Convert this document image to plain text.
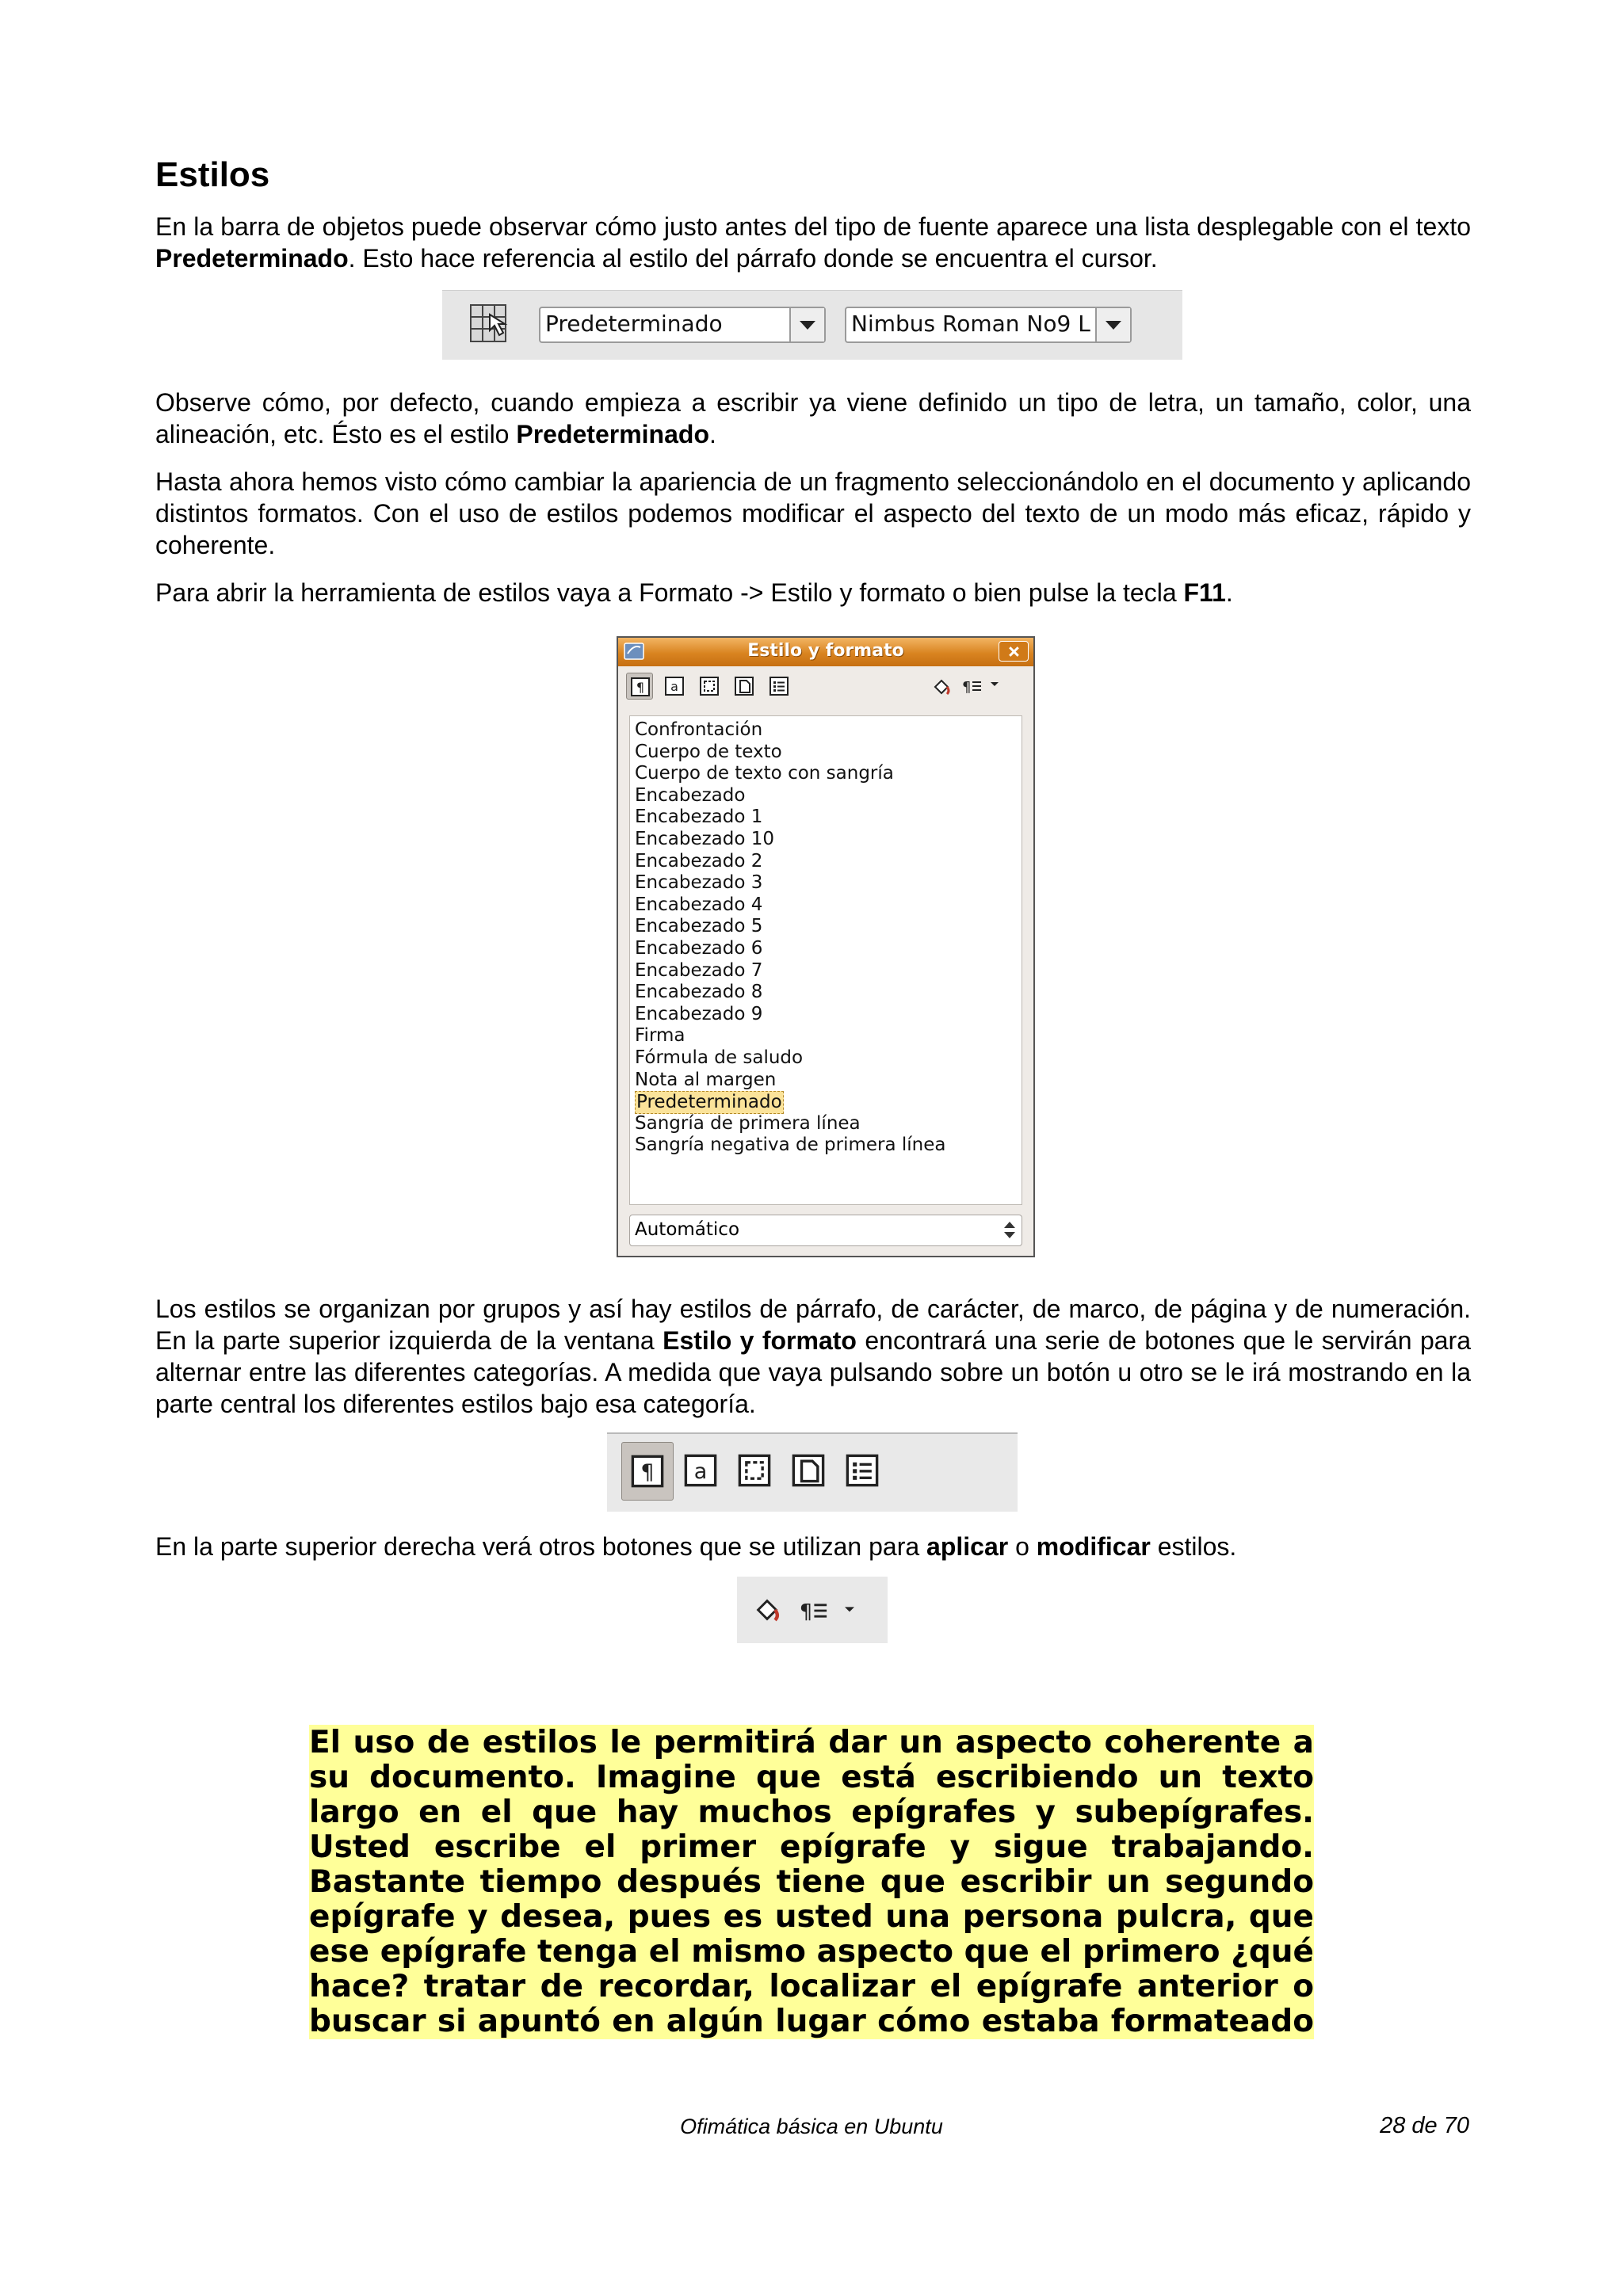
Estilos

En la barra de objetos puede observar cómo justo antes del tipo de fuente aparece una lista desplegable con el texto Predeterminado. Esto hace referencia al estilo del párrafo donde se encuentra el cursor.

Predeterminado	Nimbus Roman No9 L

Observe cómo, por defecto, cuando empieza a escribir ya viene definido un tipo de letra, un tamaño, color, una alineación, etc. Ésto es el estilo Predeterminado.

Hasta ahora hemos visto cómo cambiar la apariencia de un fragmento seleccionándolo en el documento y aplicando distintos formatos. Con el uso de estilos podemos modificar el aspecto del texto de un modo más eficaz, rápido y coherente.

Para abrir la herramienta de estilos vaya a Formato -> Estilo y formato o bien pulse la tecla F11.

Estilo y formato
¶ a	¶
Confrontación
Cuerpo de texto
Cuerpo de texto con sangría
Encabezado
Encabezado 1
Encabezado 10
Encabezado 2
Encabezado 3
Encabezado 4
Encabezado 5
Encabezado 6
Encabezado 7
Encabezado 8
Encabezado 9
Firma
Fórmula de saludo
Nota al margen
Predeterminado
Sangría de primera línea
Sangría negativa de primera línea
Automático

Los estilos se organizan por grupos y así hay estilos de párrafo, de carácter, de marco, de página y de numeración. En la parte superior izquierda de la ventana Estilo y formato encontrará una serie de botones que le servirán para alternar entre las diferentes categorías. A medida que vaya pulsando sobre un botón u otro se le irá mostrando en la parte central los diferentes estilos bajo esa categoría.

¶	a

En la parte superior derecha verá otros botones que se utilizan para aplicar o modificar estilos.

¶

El uso de estilos le permitirá dar un aspecto coherente a su documento. Imagine que está escribiendo un texto largo en el que hay muchos epígrafes y subepígrafes. Usted escribe el primer epígrafe y sigue trabajando. Bastante tiempo después tiene que escribir un segundo epígrafe y desea, pues es usted una persona pulcra, que ese epígrafe tenga el mismo aspecto que el primero ¿qué hace? tratar de recordar, localizar el epígrafe anterior o buscar si apuntó en algún lugar cómo estaba formateado

Ofimática básica en Ubuntu	28 de 70
